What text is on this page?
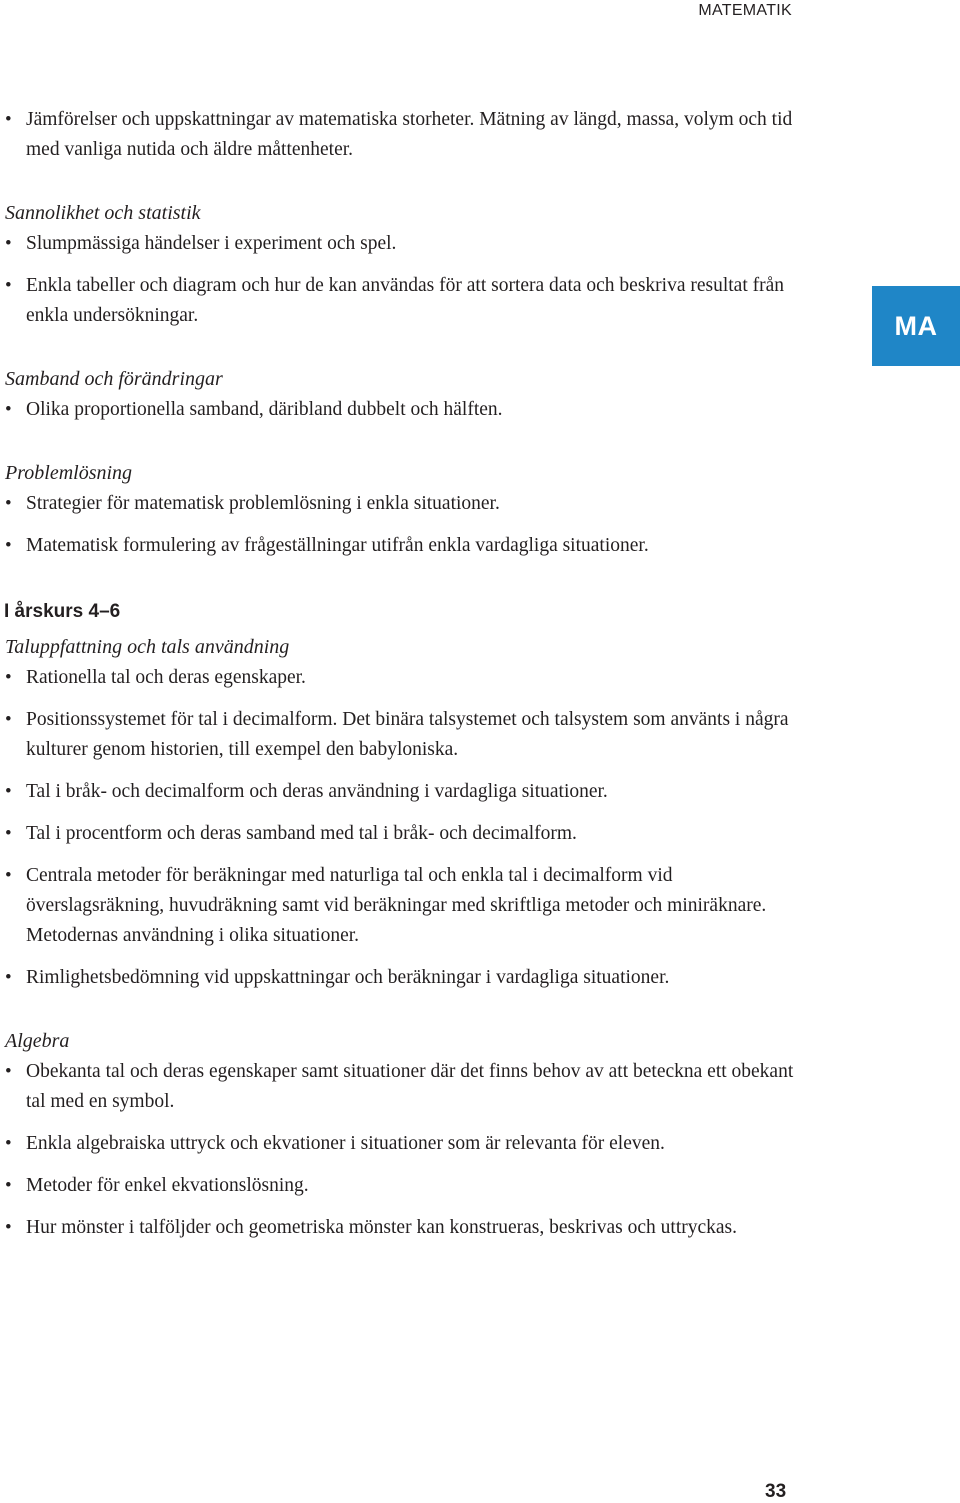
MATEMATIK
MA
• Jämförelser och uppskattningar av matematiska storheter. Mätning av längd, massa, volym och tid med vanliga nutida och äldre måttenheter.
Sannolikhet och statistik
• Slumpmässiga händelser i experiment och spel.
• Enkla tabeller och diagram och hur de kan användas för att sortera data och beskriva resultat från enkla undersökningar.
Samband och förändringar
• Olika proportionella samband, däribland dubbelt och hälften.
Problemlösning
• Strategier för matematisk problemlösning i enkla situationer.
• Matematisk formulering av frågeställningar utifrån enkla vardagliga situationer.
I årskurs 4–6
Taluppfattning och tals användning
• Rationella tal och deras egenskaper.
• Positionssystemet för tal i decimalform. Det binära talsystemet och talsystem som använts i några kulturer genom historien, till exempel den babyloniska.
• Tal i bråk- och decimalform och deras användning i vardagliga situationer.
• Tal i procentform och deras samband med tal i bråk- och decimalform.
• Centrala metoder för beräkningar med naturliga tal och enkla tal i decimalform vid överslagsräkning, huvudräkning samt vid beräkningar med skriftliga metoder och miniräknare. Metodernas användning i olika situationer.
• Rimlighetsbedömning vid uppskattningar och beräkningar i vardagliga situationer.
Algebra
• Obekanta tal och deras egenskaper samt situationer där det finns behov av att beteckna ett obekant tal med en symbol.
• Enkla algebraiska uttryck och ekvationer i situationer som är relevanta för eleven.
• Metoder för enkel ekvationslösning.
• Hur mönster i talföljder och geometriska mönster kan konstrueras, beskrivas och uttryckas.
33
